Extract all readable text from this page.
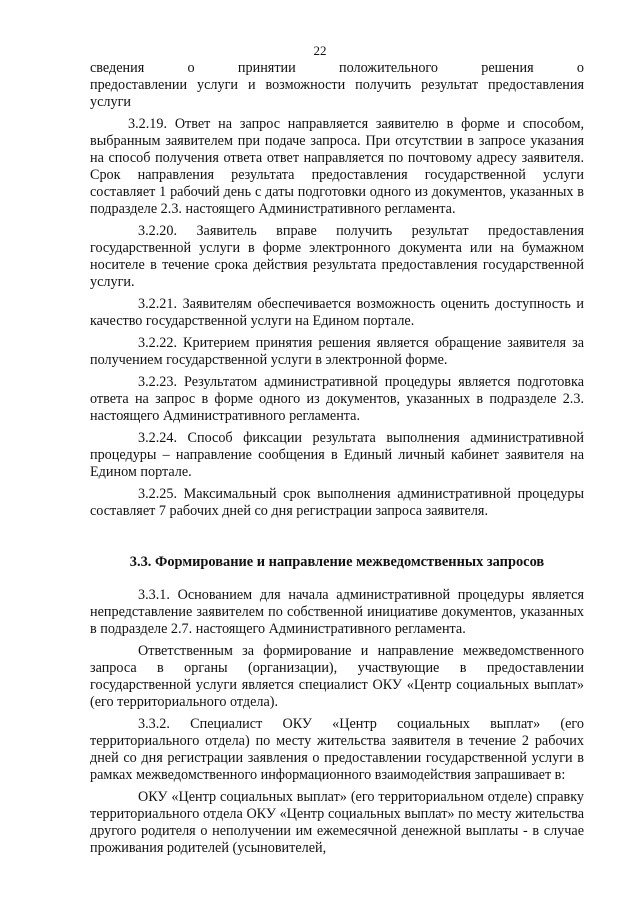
22

сведения о принятии положительного решения о

предоставлении услуги и возможности получить результат предоставления услуги

3.2.19. Ответ на запрос направляется заявителю в форме и способом, выбранным заявителем при подаче запроса. При отсутствии в запросе указания на способ получения ответа ответ направляется по почтовому адресу заявителя. Срок направления результата предоставления государственной услуги составляет 1 рабочий день с даты подготовки одного из документов, указанных в подразделе 2.3. настоящего Административного регламента.

3.2.20. Заявитель вправе получить результат предоставления государственной услуги в форме электронного документа или на бумажном носителе в течение срока действия результата предоставления государственной услуги.

3.2.21. Заявителям обеспечивается возможность оценить доступность и качество государственной услуги на Едином портале.

3.2.22. Критерием принятия решения является обращение заявителя за получением государственной услуги в электронной форме.

3.2.23. Результатом административной процедуры является подготовка ответа на запрос в форме одного из документов, указанных в подразделе 2.3. настоящего Административного регламента.

3.2.24. Способ фиксации результата выполнения административной процедуры – направление сообщения в Единый личный кабинет заявителя на Едином портале.

3.2.25. Максимальный срок выполнения административной процедуры составляет 7 рабочих дней со дня регистрации запроса заявителя.

3.3. Формирование и направление межведомственных запросов

3.3.1. Основанием для начала административной процедуры является непредставление заявителем по собственной инициативе документов, указанных в подразделе 2.7. настоящего Административного регламента.

Ответственным за формирование и направление межведомственного запроса в органы (организации), участвующие в предоставлении государственной услуги является специалист ОКУ «Центр социальных выплат» (его территориального отдела).

3.3.2. Специалист ОКУ «Центр социальных выплат» (его территориального отдела) по месту жительства заявителя в течение 2 рабочих дней со дня регистрации заявления о предоставлении государственной услуги в рамках межведомственного информационного взаимодействия запрашивает в:

ОКУ «Центр социальных выплат» (его территориальном отделе) справку территориального отдела ОКУ «Центр социальных выплат» по месту жительства другого родителя о неполучении им ежемесячной денежной выплаты - в случае проживания родителей (усыновителей,
